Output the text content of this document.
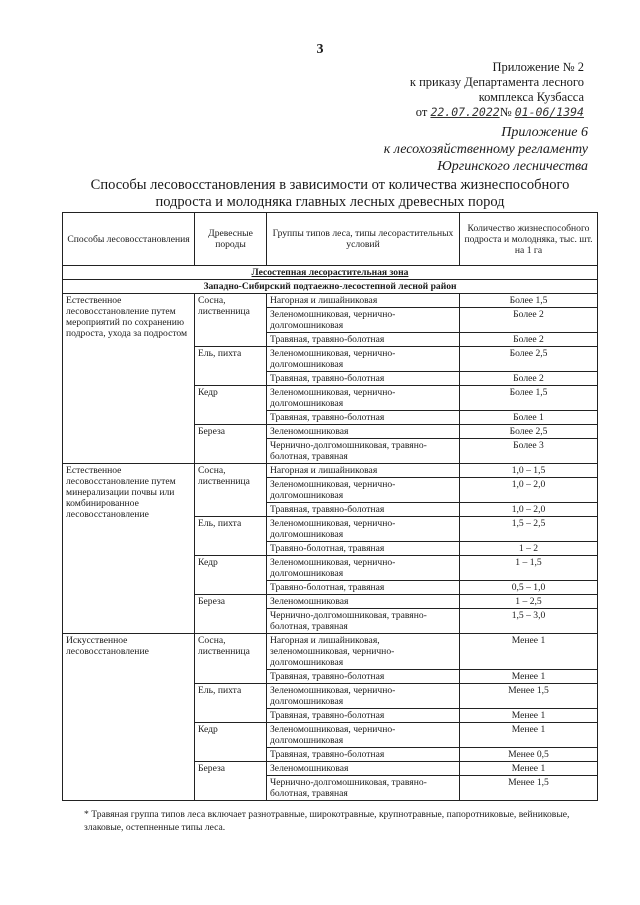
3
Приложение № 2
к приказу Департамента лесного
комплекса Кузбасса
от 22.07.2022№ 01-06/1394
Приложение 6
к лесохозяйственному регламенту
Юргинского лесничества
Способы лесовосстановления в зависимости от количества жизнеспособного подроста и молодняка главных лесных древесных пород
Способы лесовосстановления	Древесные породы	Группы типов леса, типы лесорастительных условий	Количество жизнеспособного подроста и молодняка, тыс. шт. на 1 га
Лесостепная лесорастительная зона			
Западно-Сибирский подтаежно-лесостепной лесной район			
Естественное лесовосстановление путем мероприятий по сохранению подроста, ухода за подростом	Сосна, лиственница	Нагорная и лишайниковая	Более 1,5
		Зеленомошниковая, чернично-долгомошниковая	Более 2
		Травяная, травяно-болотная	Более 2
	Ель, пихта	Зеленомошниковая, чернично-долгомошниковая	Более 2,5
		Травяная, травяно-болотная	Более 2
	Кедр	Зеленомошниковая, чернично-долгомошниковая	Более 1,5
		Травяная, травяно-болотная	Более 1
	Береза	Зеленомошниковая	Более 2,5
		Чернично-долгомошниковая, травяно-болотная, травяная	Более 3
Естественное лесовосстановление путем минерализации почвы или комбинированное лесовосстановление	Сосна, лиственница	Нагорная и лишайниковая	1,0 – 1,5
		Зеленомошниковая, чернично-долгомошниковая	1,0 – 2,0
		Травяная, травяно-болотная	1,0 – 2,0
	Ель, пихта	Зеленомошниковая, чернично-долгомошниковая	1,5 – 2,5
		Травяно-болотная, травяная	1 – 2
	Кедр	Зеленомошниковая, чернично-долгомошниковая	1 – 1,5
		Травяно-болотная, травяная	0,5 – 1,0
	Береза	Зеленомошниковая	1 – 2,5
		Чернично-долгомошниковая, травяно-болотная, травяная	1,5 – 3,0
Искусственное лесовосстановление	Сосна, лиственница	Нагорная и лишайниковая, зеленомошниковая, чернично-долгомошниковая	Менее 1
		Травяная, травяно-болотная	Менее 1
	Ель, пихта	Зеленомошниковая, чернично-долгомошниковая	Менее 1,5
		Травяная, травяно-болотная	Менее 1
	Кедр	Зеленомошниковая, чернично-долгомошниковая	Менее 1
		Травяная, травяно-болотная	Менее 0,5
	Береза	Зеленомошниковая	Менее 1
		Чернично-долгомошниковая, травяно-болотная, травяная	Менее 1,5
* Травяная группа типов леса включает разнотравные, широкотравные, крупнотравные, папоротниковые, вейниковые, злаковые, остепненные типы леса.
